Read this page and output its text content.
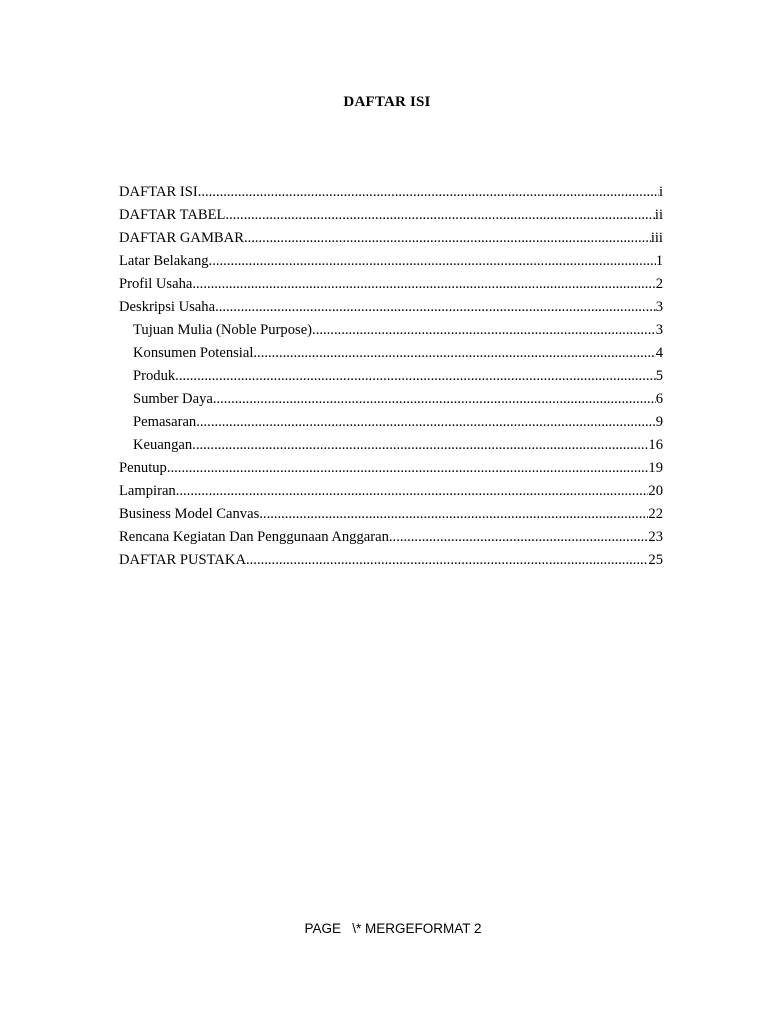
DAFTAR ISI
DAFTAR ISI .....	i
DAFTAR TABEL .....	ii
DAFTAR GAMBAR .....	iii
Latar Belakang .....	1
Profil Usaha .....	2
Deskripsi Usaha .....	3
Tujuan Mulia (Noble Purpose) .....	3
Konsumen Potensial .....	4
Produk .....	5
Sumber Daya .....	6
Pemasaran .....	9
Keuangan .....	16
Penutup .....	19
Lampiran .....	20
Business Model Canvas .....	22
Rencana Kegiatan Dan Penggunaan Anggaran .....	23
DAFTAR PUSTAKA .....	25
PAGE   \* MERGEFORMAT 2
